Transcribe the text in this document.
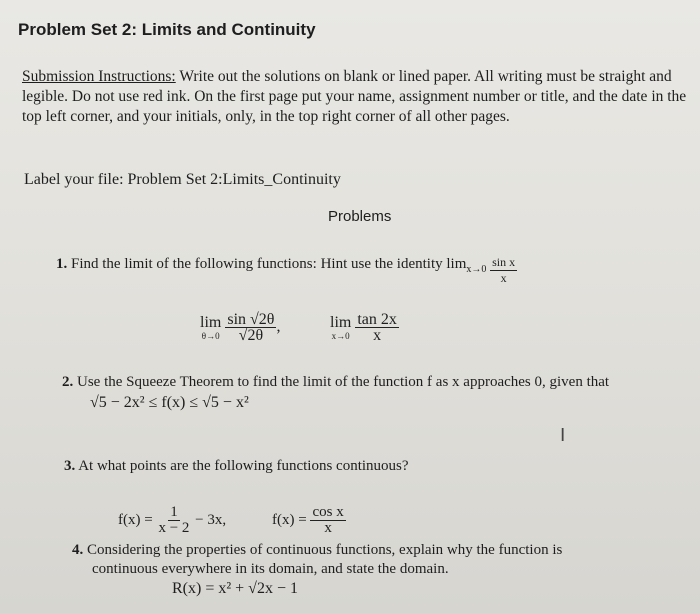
Problem Set 2: Limits and Continuity
Submission Instructions: Write out the solutions on blank or lined paper. All writing must be straight and legible. Do not use red ink. On the first page put your name, assignment number or title, and the date in the top left corner, and your initials, only, in the top right corner of all other pages.
Label your file: Problem Set 2:Limits_Continuity
Problems
1. Find the limit of the following functions: Hint use the identity $\lim_{x\to 0} \frac{\text{sin x}}{x}$
lim
θ→0
$\frac{\sin √2\theta}{√2\theta}$ ,	lim
x→0
$\frac{\tan 2x}{x}$
2. Use the Squeeze Theorem to find the limit of the function f as x approaches 0, given that
√5 − 2x² ≤ f(x) ≤ √5 − x²
I
3. At what points are the following functions continuous?
$f(x) = \frac{1}{x - 2} - 3x$,	$f(x) = \frac{\text{cos x}}{x}$
4. Considering the properties of continuous functions, explain why the function is
continuous everywhere in its domain, and state the domain.
R(x) = x² + √2x − 1
